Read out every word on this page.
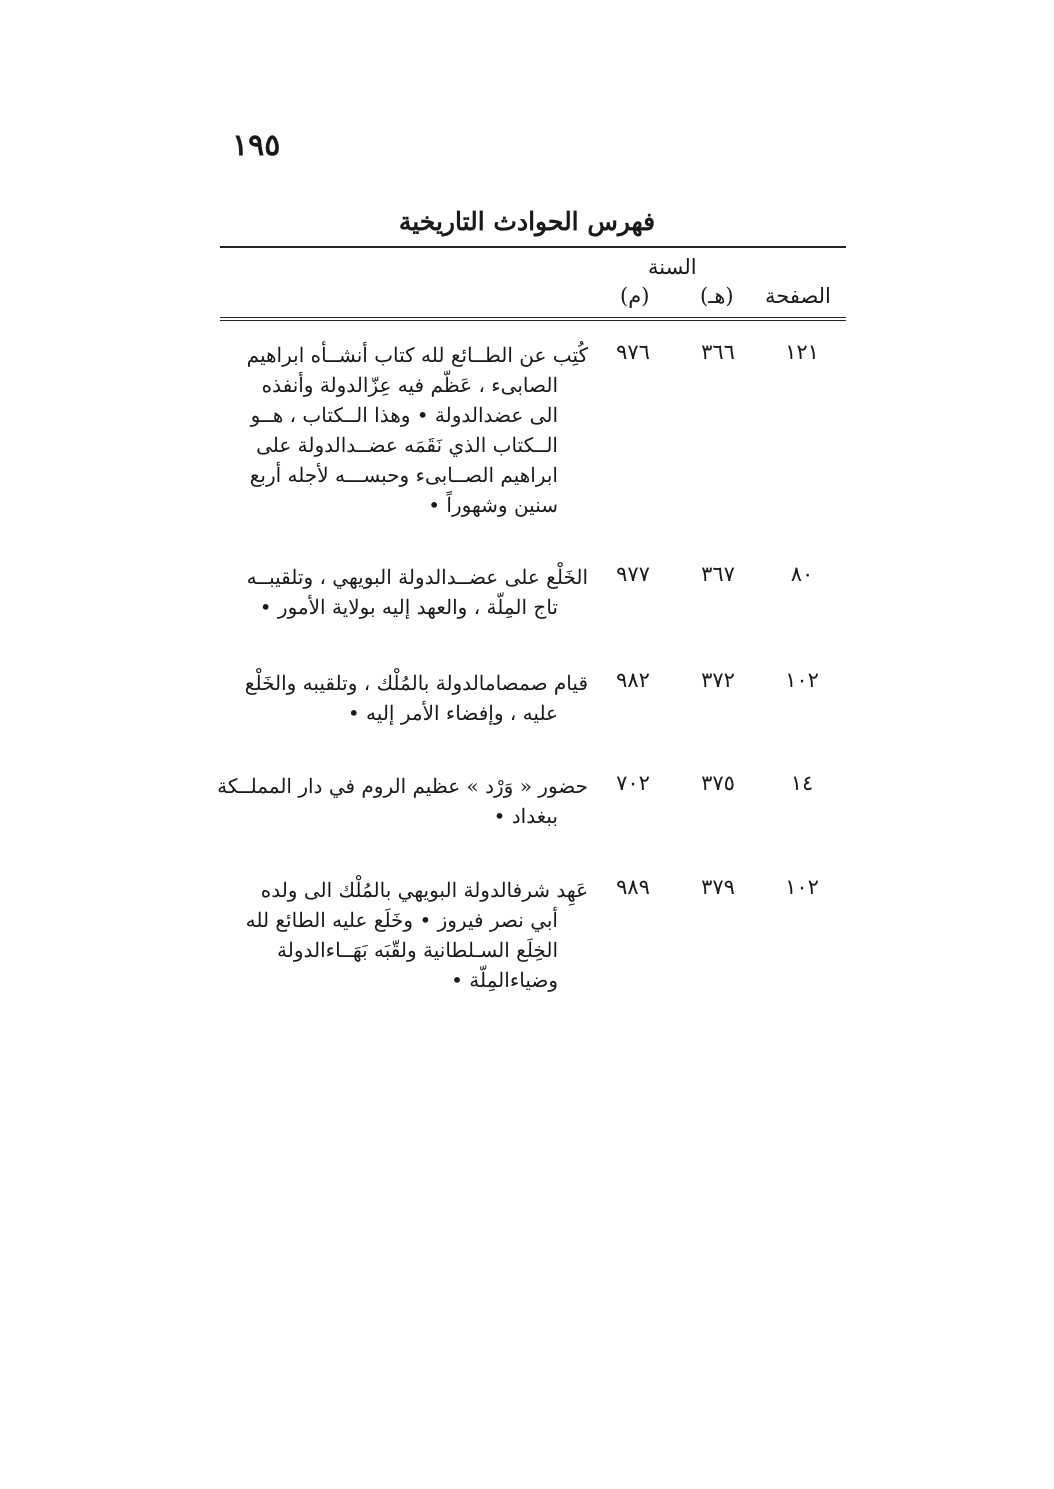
١٩٥
فهرس الحوادث التاريخية
السنة
الصفحة
(هـ)
(م)
١٢١
٣٦٦
٩٧٦
كُتِب عن الطــائع لله كتاب أنشــأه ابراهيم
الصابىء ، عَظّم فيه عِزّالدولة وأنفذه
الى عضدالدولة • وهذا الــكتاب ، هــو
الــكتاب الذي نَقَمَه عضــدالدولة على
ابراهيم الصــابىء وحبســـه لأجله أربع
سنين وشهوراً •
٨٠
٣٦٧
٩٧٧
الخَلْع على عضــدالدولة البويهي ، وتلقيبــه
تاج المِلّة ، والعهد إليه بولاية الأمور •
١٠٢
٣٧٢
٩٨٢
قيام صمصامالدولة بالمُلْك ، وتلقيبه والخَلْع
عليه ، وإفضاء الأمر إليه •
١٤
٣٧٥
٧٠٢
حضور « وَرْد » عظيم الروم في دار المملــكة
ببغداد •
١٠٢
٣٧٩
٩٨٩
عَهِد شرفالدولة البويهي بالمُلْك الى ولده
أبي نصر فيروز • وخَلَع عليه الطائع لله
الخِلَع السـلطانية ولقّبَه بَهَــاءالدولة
وضياءالمِلّة •
